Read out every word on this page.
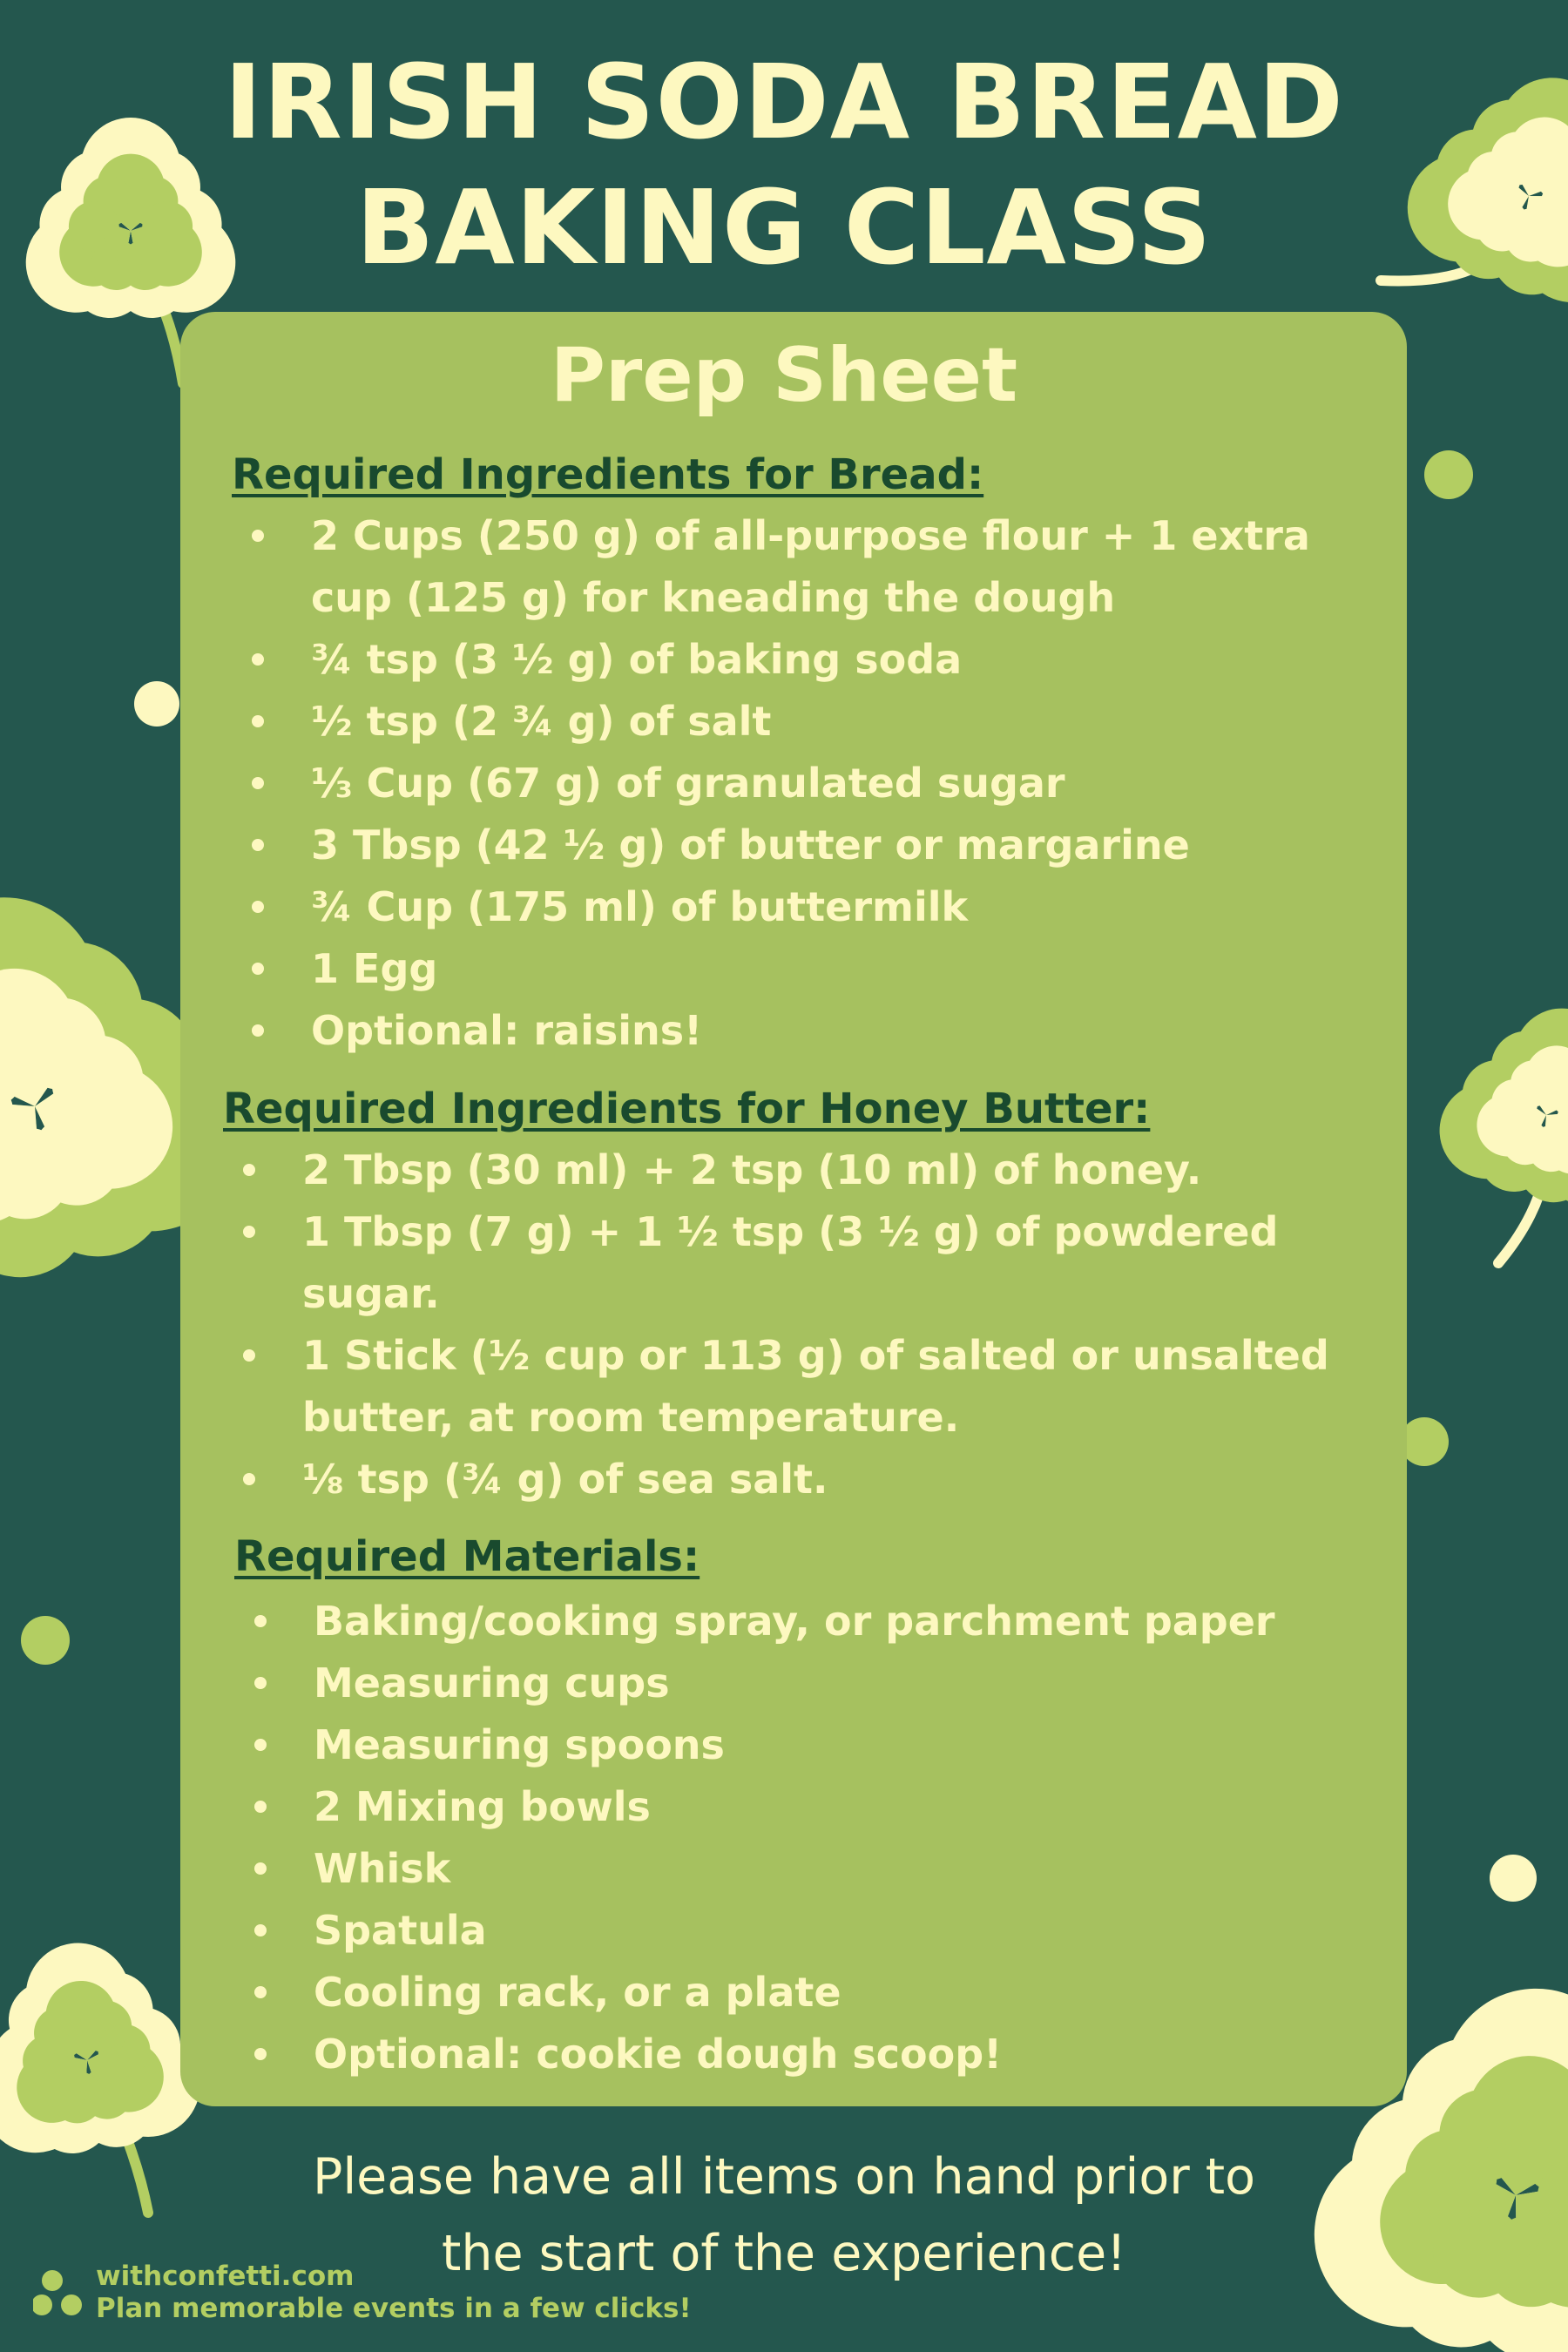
IRISH SODA BREAD
BAKING CLASS
Prep Sheet
Required Ingredients for Bread:
2 Cups (250 g) of all-purpose flour + 1 extra cup (125 g) for kneading the dough
¾ tsp (3 ½ g) of baking soda
½ tsp (2 ¾ g) of salt
⅓ Cup (67 g) of granulated sugar
3 Tbsp (42 ½ g) of butter or margarine
¾ Cup (175 ml) of buttermilk
1 Egg
Optional: raisins!
Required Ingredients for Honey Butter:
2 Tbsp (30 ml) + 2 tsp (10 ml) of honey.
1 Tbsp (7 g) + 1 ½ tsp (3 ½ g) of powdered sugar.
1 Stick (½ cup or 113 g) of salted or unsalted butter, at room temperature.
⅛ tsp (¾ g) of sea salt.
Required Materials:
Baking/cooking spray, or parchment paper
Measuring cups
Measuring spoons
2 Mixing bowls
Whisk
Spatula
Cooling rack, or a plate
Optional: cookie dough scoop!

Please have all items on hand prior to
the start of the experience!

withconfetti.com
Plan memorable events in a few clicks!
